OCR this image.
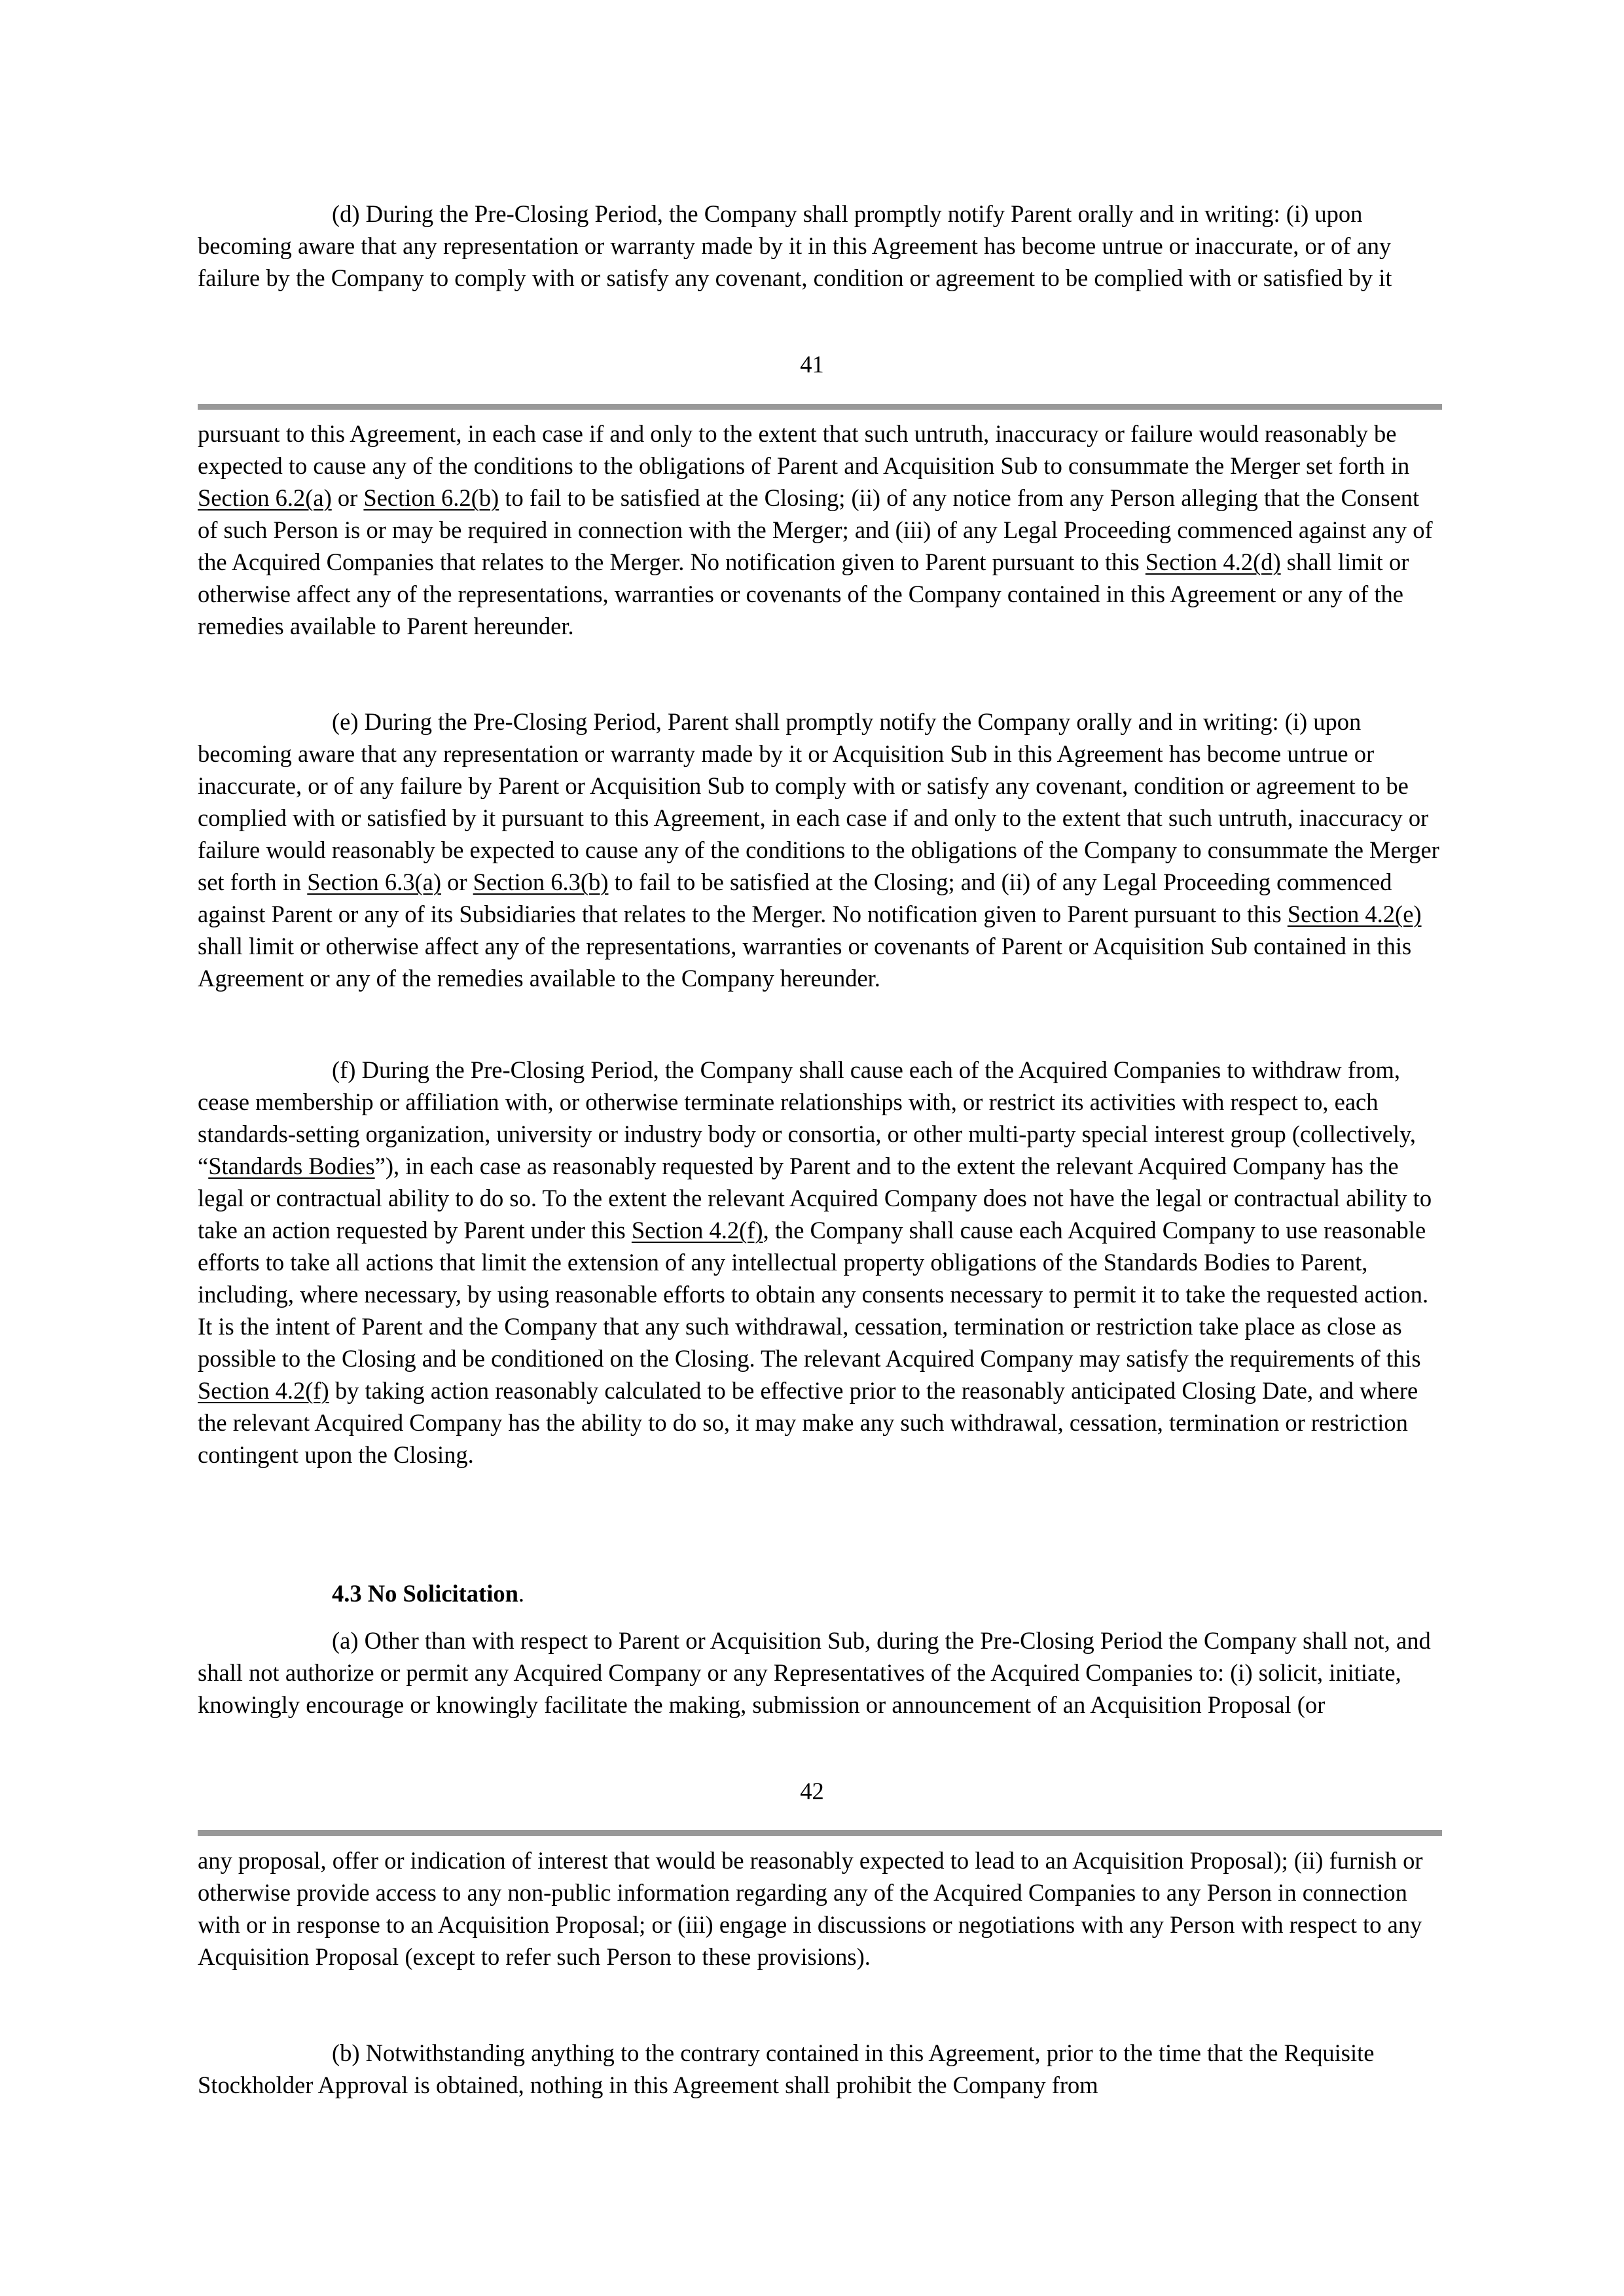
(d) During the Pre-Closing Period, the Company shall promptly notify Parent orally and in writing: (i) upon becoming aware that any representation or warranty made by it in this Agreement has become untrue or inaccurate, or of any failure by the Company to comply with or satisfy any covenant, condition or agreement to be complied with or satisfied by it

41

pursuant to this Agreement, in each case if and only to the extent that such untruth, inaccuracy or failure would reasonably be expected to cause any of the conditions to the obligations of Parent and Acquisition Sub to consummate the Merger set forth in Section 6.2(a) or Section 6.2(b) to fail to be satisfied at the Closing; (ii) of any notice from any Person alleging that the Consent of such Person is or may be required in connection with the Merger; and (iii) of any Legal Proceeding commenced against any of the Acquired Companies that relates to the Merger. No notification given to Parent pursuant to this Section 4.2(d) shall limit or otherwise affect any of the representations, warranties or covenants of the Company contained in this Agreement or any of the remedies available to Parent hereunder.

(e) During the Pre-Closing Period, Parent shall promptly notify the Company orally and in writing: (i) upon becoming aware that any representation or warranty made by it or Acquisition Sub in this Agreement has become untrue or inaccurate, or of any failure by Parent or Acquisition Sub to comply with or satisfy any covenant, condition or agreement to be complied with or satisfied by it pursuant to this Agreement, in each case if and only to the extent that such untruth, inaccuracy or failure would reasonably be expected to cause any of the conditions to the obligations of the Company to consummate the Merger set forth in Section 6.3(a) or Section 6.3(b) to fail to be satisfied at the Closing; and (ii) of any Legal Proceeding commenced against Parent or any of its Subsidiaries that relates to the Merger. No notification given to Parent pursuant to this Section 4.2(e) shall limit or otherwise affect any of the representations, warranties or covenants of Parent or Acquisition Sub contained in this Agreement or any of the remedies available to the Company hereunder.

(f) During the Pre-Closing Period, the Company shall cause each of the Acquired Companies to withdraw from, cease membership or affiliation with, or otherwise terminate relationships with, or restrict its activities with respect to, each standards-setting organization, university or industry body or consortia, or other multi-party special interest group (collectively, “Standards Bodies”), in each case as reasonably requested by Parent and to the extent the relevant Acquired Company has the legal or contractual ability to do so. To the extent the relevant Acquired Company does not have the legal or contractual ability to take an action requested by Parent under this Section 4.2(f), the Company shall cause each Acquired Company to use reasonable efforts to take all actions that limit the extension of any intellectual property obligations of the Standards Bodies to Parent, including, where necessary, by using reasonable efforts to obtain any consents necessary to permit it to take the requested action. It is the intent of Parent and the Company that any such withdrawal, cessation, termination or restriction take place as close as possible to the Closing and be conditioned on the Closing. The relevant Acquired Company may satisfy the requirements of this Section 4.2(f) by taking action reasonably calculated to be effective prior to the reasonably anticipated Closing Date, and where the relevant Acquired Company has the ability to do so, it may make any such withdrawal, cessation, termination or restriction contingent upon the Closing.

4.3 No Solicitation.

(a) Other than with respect to Parent or Acquisition Sub, during the Pre-Closing Period the Company shall not, and shall not authorize or permit any Acquired Company or any Representatives of the Acquired Companies to: (i) solicit, initiate, knowingly encourage or knowingly facilitate the making, submission or announcement of an Acquisition Proposal (or

42

any proposal, offer or indication of interest that would be reasonably expected to lead to an Acquisition Proposal); (ii) furnish or otherwise provide access to any non-public information regarding any of the Acquired Companies to any Person in connection with or in response to an Acquisition Proposal; or (iii) engage in discussions or negotiations with any Person with respect to any Acquisition Proposal (except to refer such Person to these provisions).

(b) Notwithstanding anything to the contrary contained in this Agreement, prior to the time that the Requisite Stockholder Approval is obtained, nothing in this Agreement shall prohibit the Company from
